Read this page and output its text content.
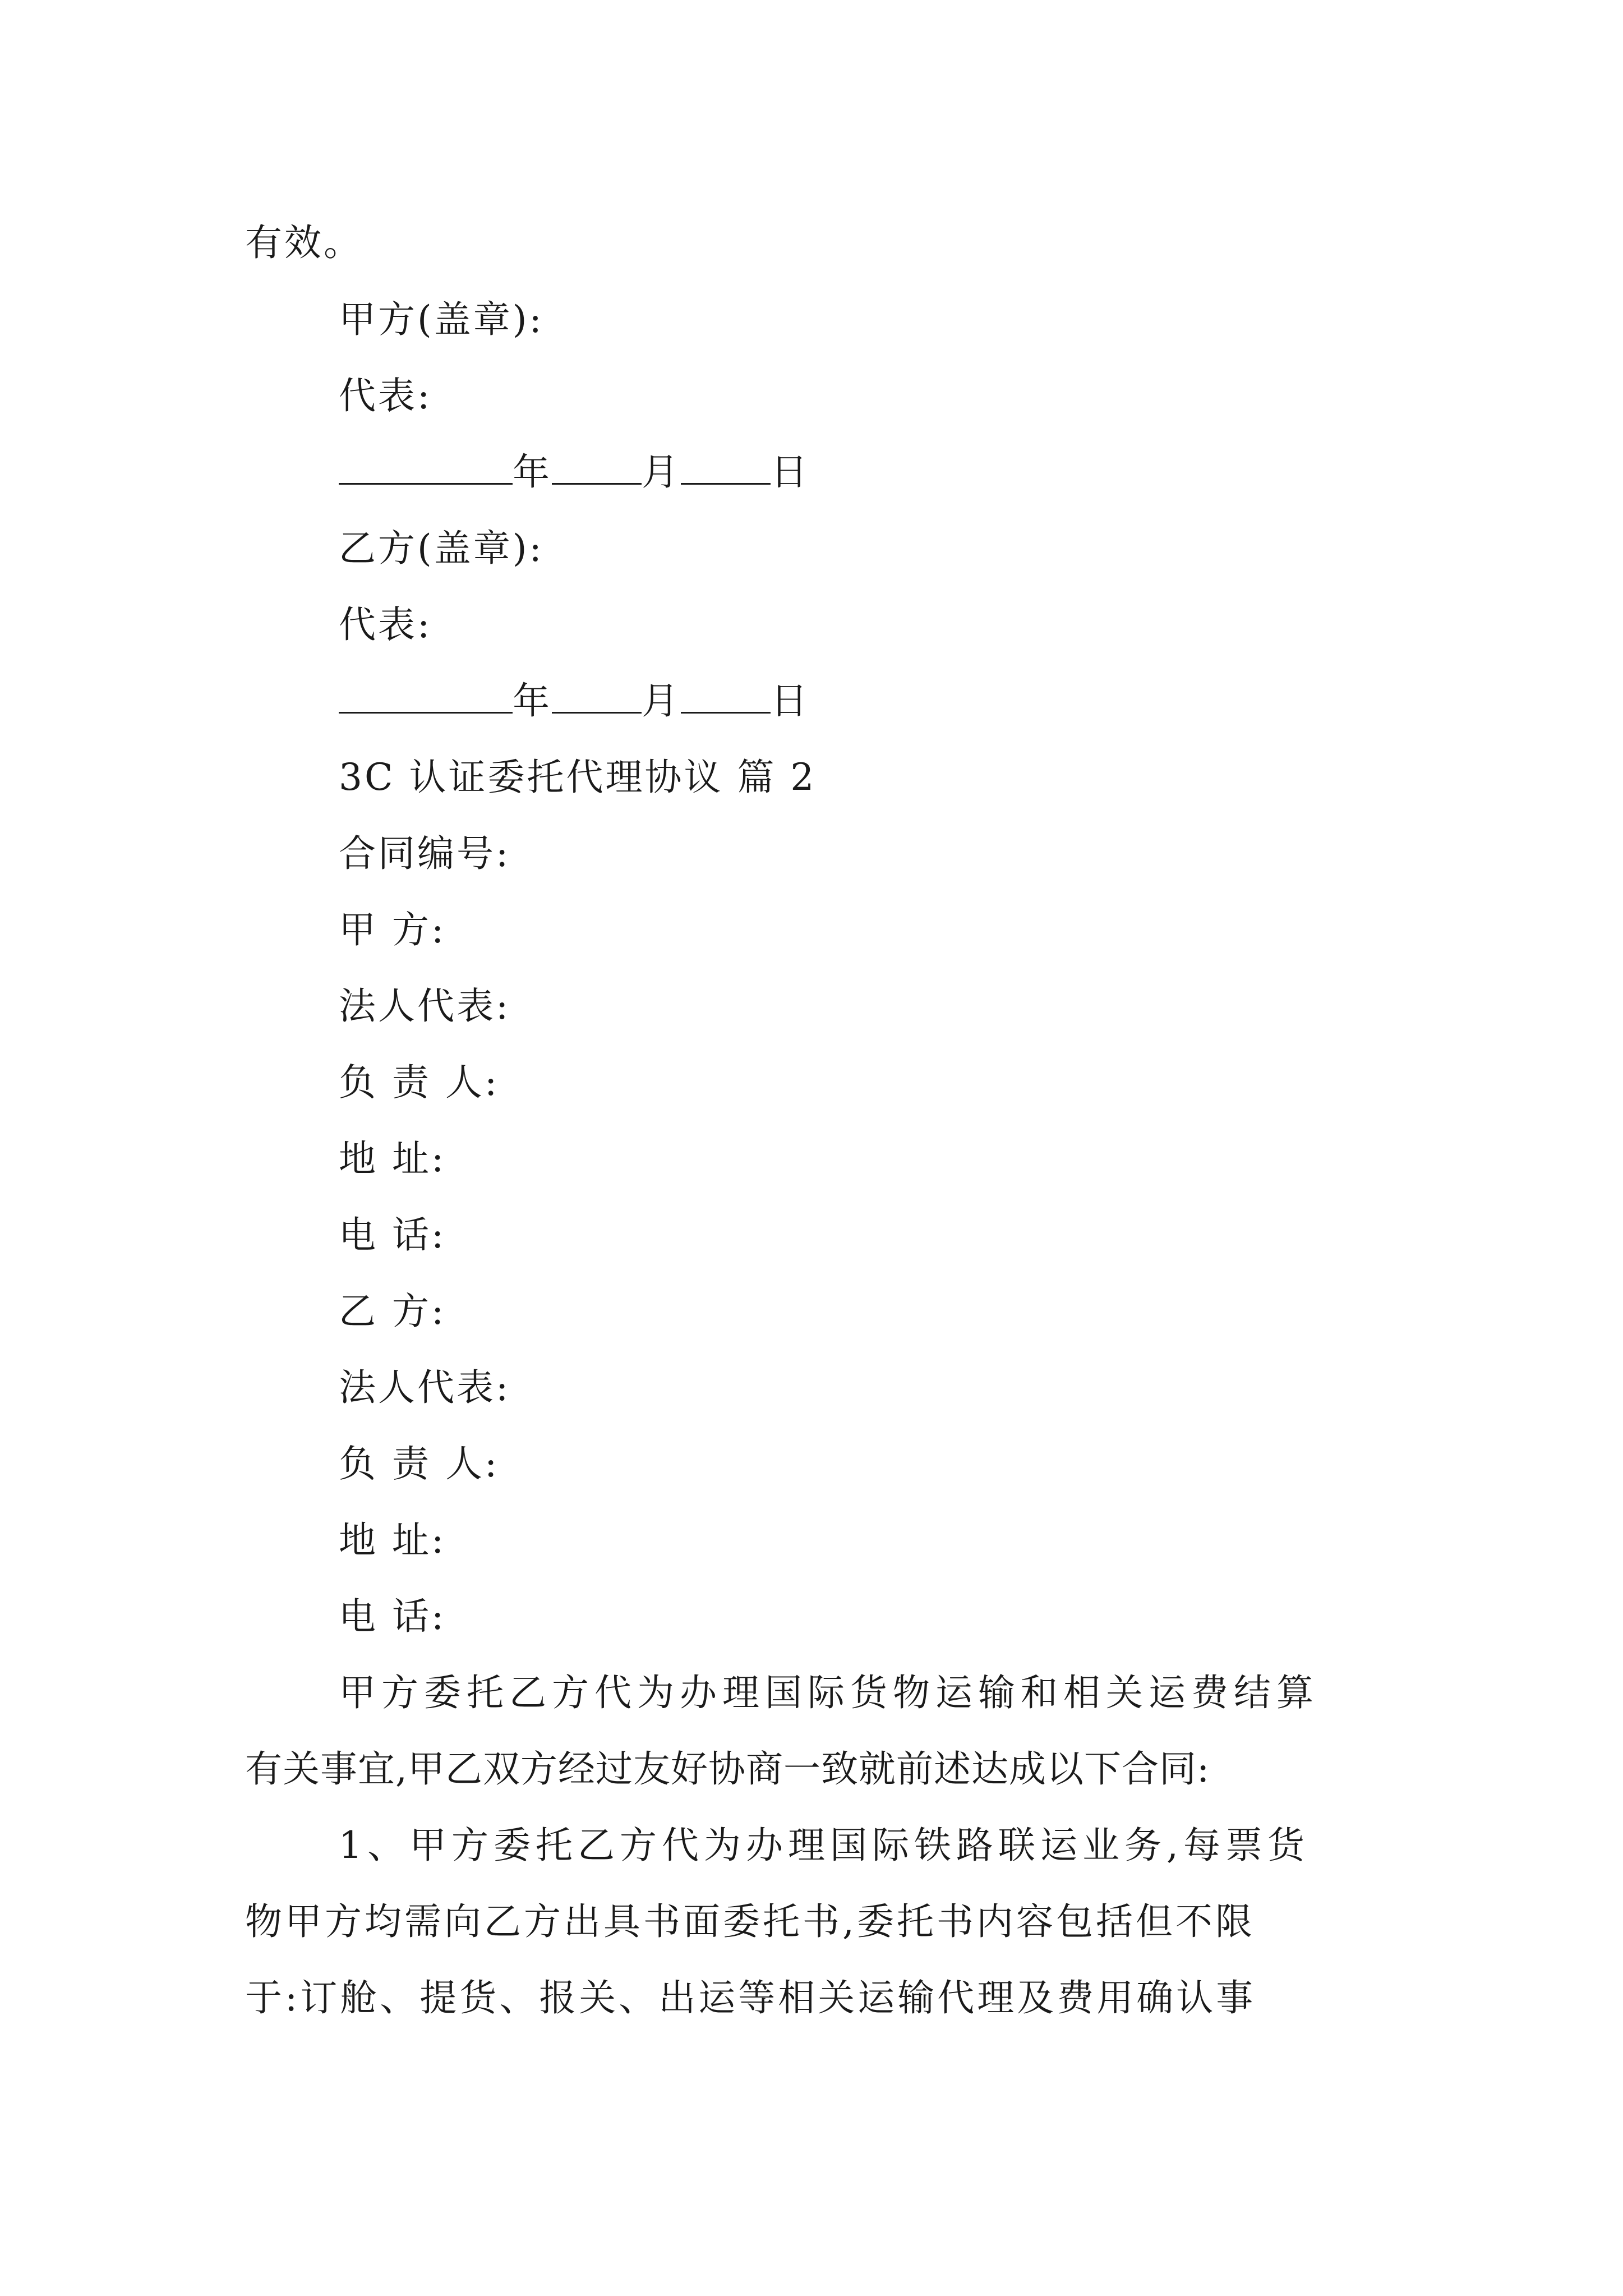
有效。
甲方(盖章):
代表:
年 月 日
乙方(盖章):
代表:
年 月 日
3C 认证委托代理协议 篇 2
合同编号:
甲 方:
法人代表:
负 责 人:
地 址:
电 话:
乙 方:
法人代表:
负 责 人:
地 址:
电 话:
甲方委托乙方代为办理国际货物运输和相关运费结算
有关事宜,甲乙双方经过友好协商一致就前述达成以下合同:
1、甲方委托乙方代为办理国际铁路联运业务,每票货
物甲方均需向乙方出具书面委托书,委托书内容包括但不限
于:订舱、提货、报关、出运等相关运输代理及费用确认事
